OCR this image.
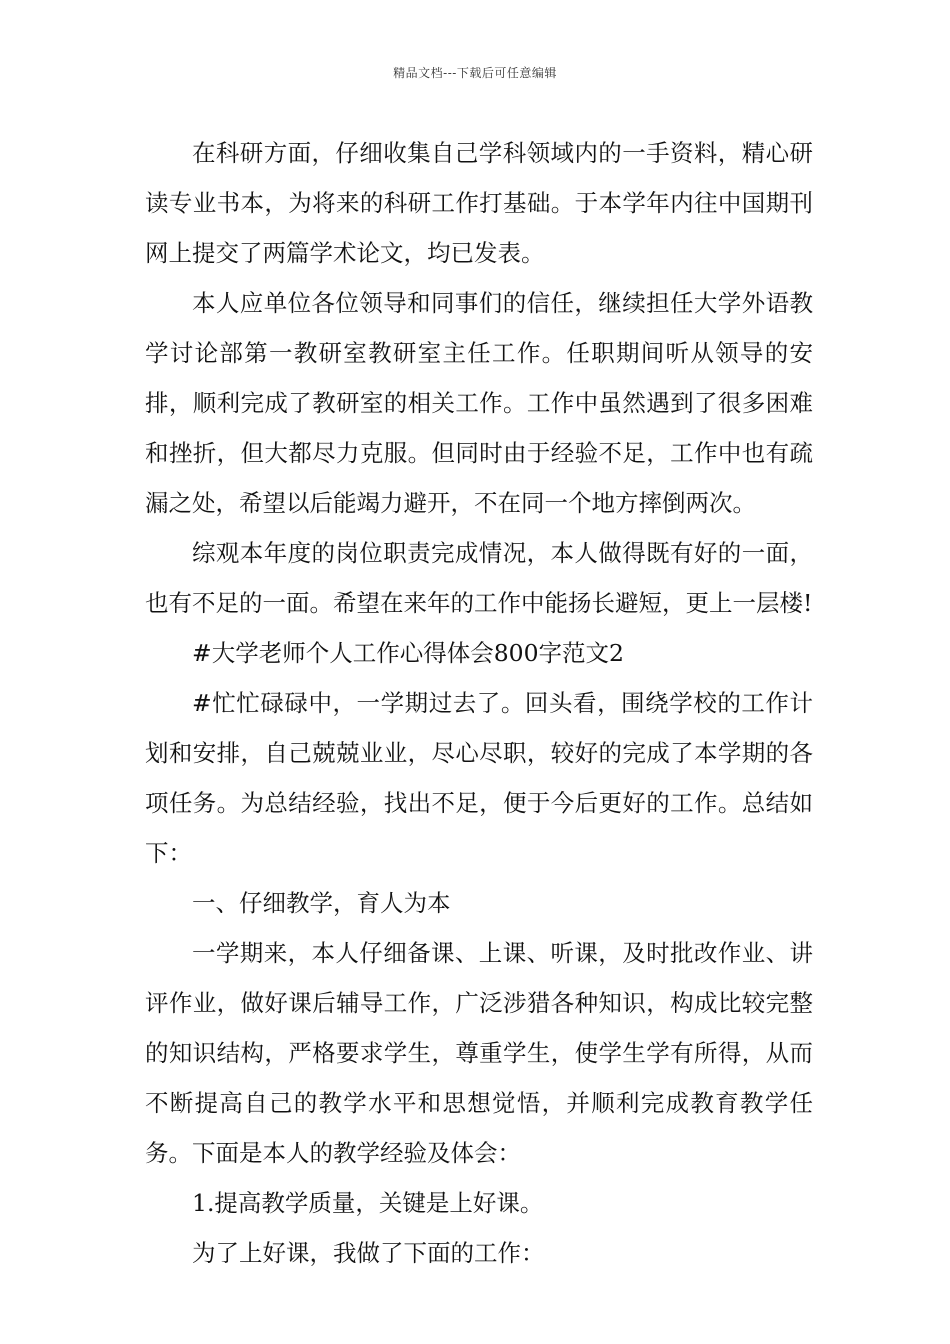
精品文档---下载后可任意编辑

在科研方面，仔细收集自己学科领域内的一手资料，精心研读专业书本，为将来的科研工作打基础。于本学年内往中国期刊网上提交了两篇学术论文，均已发表。

本人应单位各位领导和同事们的信任，继续担任大学外语教学讨论部第一教研室教研室主任工作。任职期间听从领导的安排，顺利完成了教研室的相关工作。工作中虽然遇到了很多困难和挫折，但大都尽力克服。但同时由于经验不足，工作中也有疏漏之处，希望以后能竭力避开，不在同一个地方摔倒两次。

综观本年度的岗位职责完成情况，本人做得既有好的一面，也有不足的一面。希望在来年的工作中能扬长避短，更上一层楼!

#大学老师个人工作心得体会800字范文2

#忙忙碌碌中，一学期过去了。回头看，围绕学校的工作计划和安排，自己兢兢业业，尽心尽职，较好的完成了本学期的各项任务。为总结经验，找出不足，便于今后更好的工作。总结如下：

一、仔细教学，育人为本

一学期来，本人仔细备课、上课、听课，及时批改作业、讲评作业，做好课后辅导工作，广泛涉猎各种知识，构成比较完整的知识结构，严格要求学生，尊重学生，使学生学有所得，从而不断提高自己的教学水平和思想觉悟，并顺利完成教育教学任务。下面是本人的教学经验及体会：

1.提高教学质量，关键是上好课。

为了上好课，我做了下面的工作：
